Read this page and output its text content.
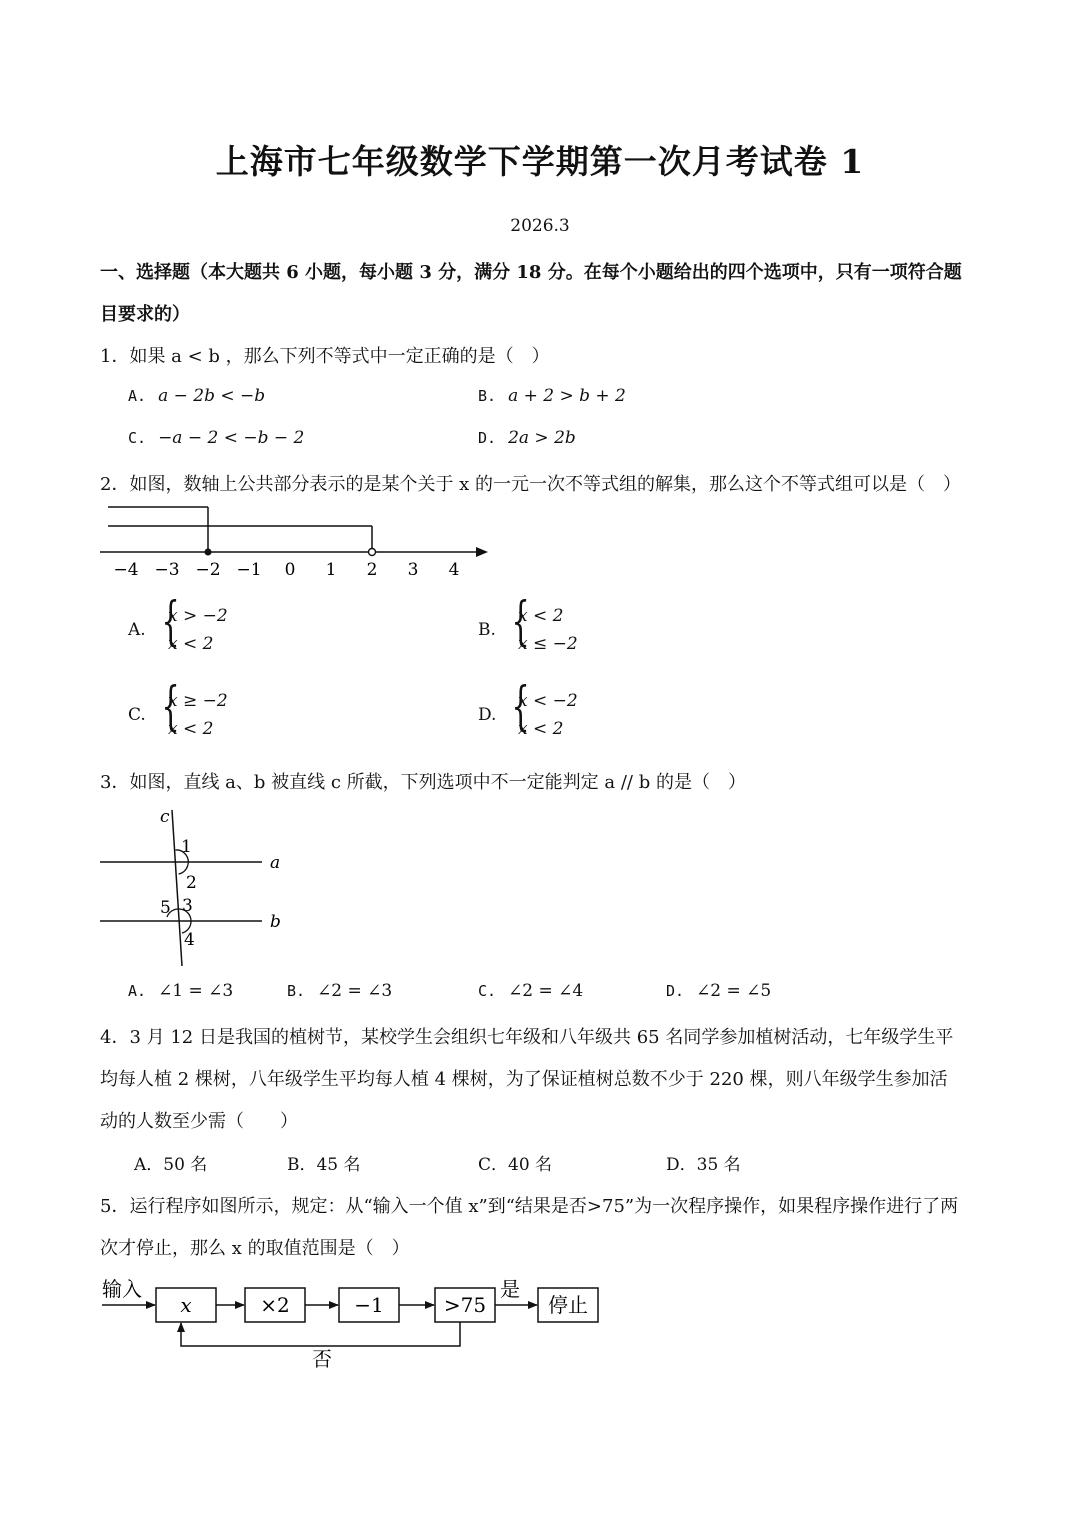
上海市七年级数学下学期第一次月考试卷 1
2026.3
一、选择题（本大题共 6 小题，每小题 3 分，满分 18 分。在每个小题给出的四个选项中，只有一项符合题
目要求的）
1．如果 a < b ，那么下列不等式中一定正确的是（　）
A. a − 2b < −b	B. a + 2 > b + 2
C. −a − 2 < −b − 2	D. 2a > 2b
2．如图，数轴上公共部分表示的是某个关于 x 的一元一次不等式组的解集，那么这个不等式组可以是（　）
−4 −3 −2 −1 0 1 2 3 4
A. {
x > −2
x < 2
B. {
x < 2
x ≤ −2
C. {
x ≥ −2
x < 2
D. {
x < −2
x < 2
3．如图，直线 a、b 被直线 c 所截，下列选项中不一定能判定 a // b 的是（　）
c
a
b
1
2
3
4
5
A. ∠1 = ∠3	B. ∠2 = ∠3	C. ∠2 = ∠4	D. ∠2 = ∠5
4．3 月 12 日是我国的植树节，某校学生会组织七年级和八年级共 65 名同学参加植树活动，七年级学生平
均每人植 2 棵树，八年级学生平均每人植 4 棵树，为了保证植树总数不少于 220 棵，则八年级学生参加活
动的人数至少需（　　）
A．50 名	B．45 名	C．40 名	D．35 名
5．运行程序如图所示，规定：从“输入一个值 x”到“结果是否>75”为一次程序操作，如果程序操作进行了两
次才停止，那么 x 的取值范围是（　）
输入
x	×2	−1	>75
是
停止
否
